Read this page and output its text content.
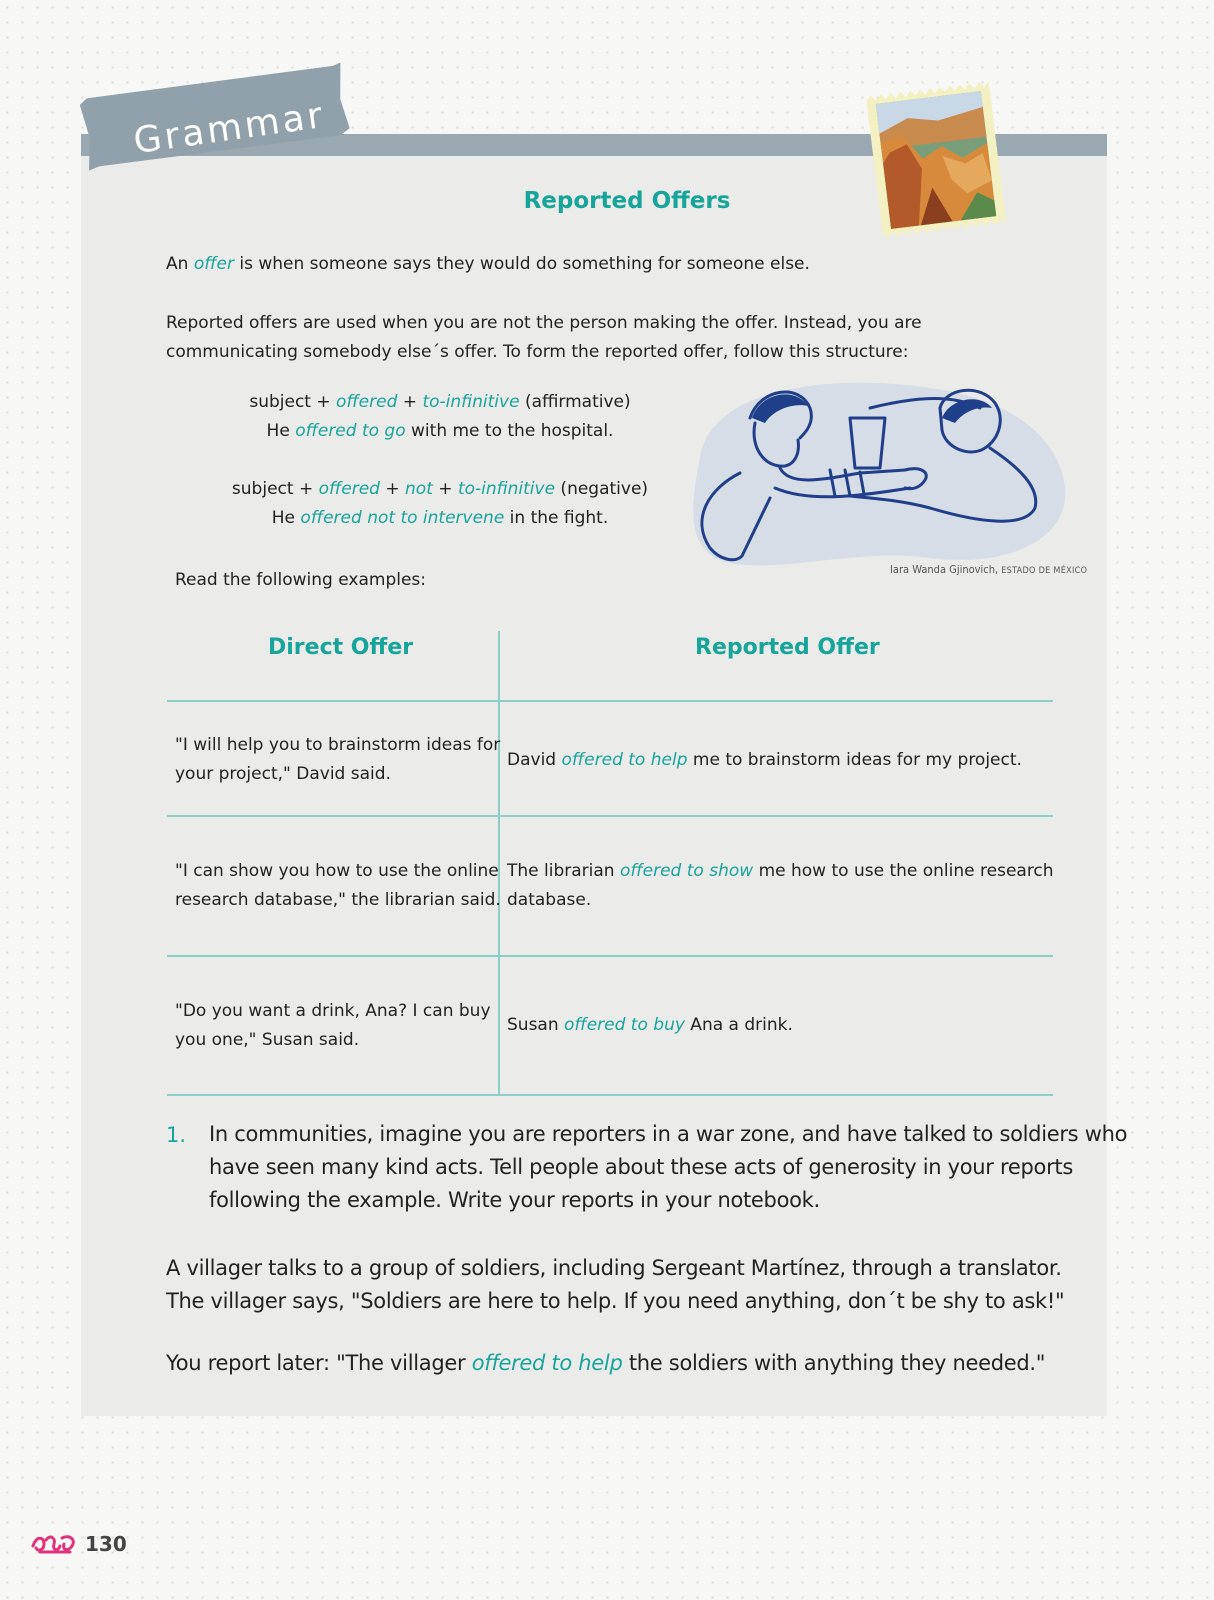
Grammar
Reported Offers
An offer is when someone says they would do something for someone else.
Reported offers are used when you are not the person making the offer. Instead, you are
communicating somebody else´s offer. To form the reported offer, follow this structure:
subject + offered + to-infinitive (affirmative)
He offered to go with me to the hospital.
subject + offered + not + to-infinitive (negative)
He offered not to intervene in the fight.
Iara Wanda Gjinovich, ESTADO DE MÉXICO
Read the following examples:
Direct Offer	Reported Offer
"I will help you to brainstorm ideas for
your project," David said.
David offered to help me to brainstorm ideas for my project.
"I can show you how to use the online
research database," the librarian said.
The librarian offered to show me how to use the online research
database.
"Do you want a drink, Ana? I can buy
you one," Susan said.
Susan offered to buy Ana a drink.
1. In communities, imagine you are reporters in a war zone, and have talked to soldiers who
have seen many kind acts. Tell people about these acts of generosity in your reports
following the example. Write your reports in your notebook.
A villager talks to a group of soldiers, including Sergeant Martínez, through a translator.
The villager says, "Soldiers are here to help. If you need anything, don´t be shy to ask!"
You report later: "The villager offered to help the soldiers with anything they needed."
130
